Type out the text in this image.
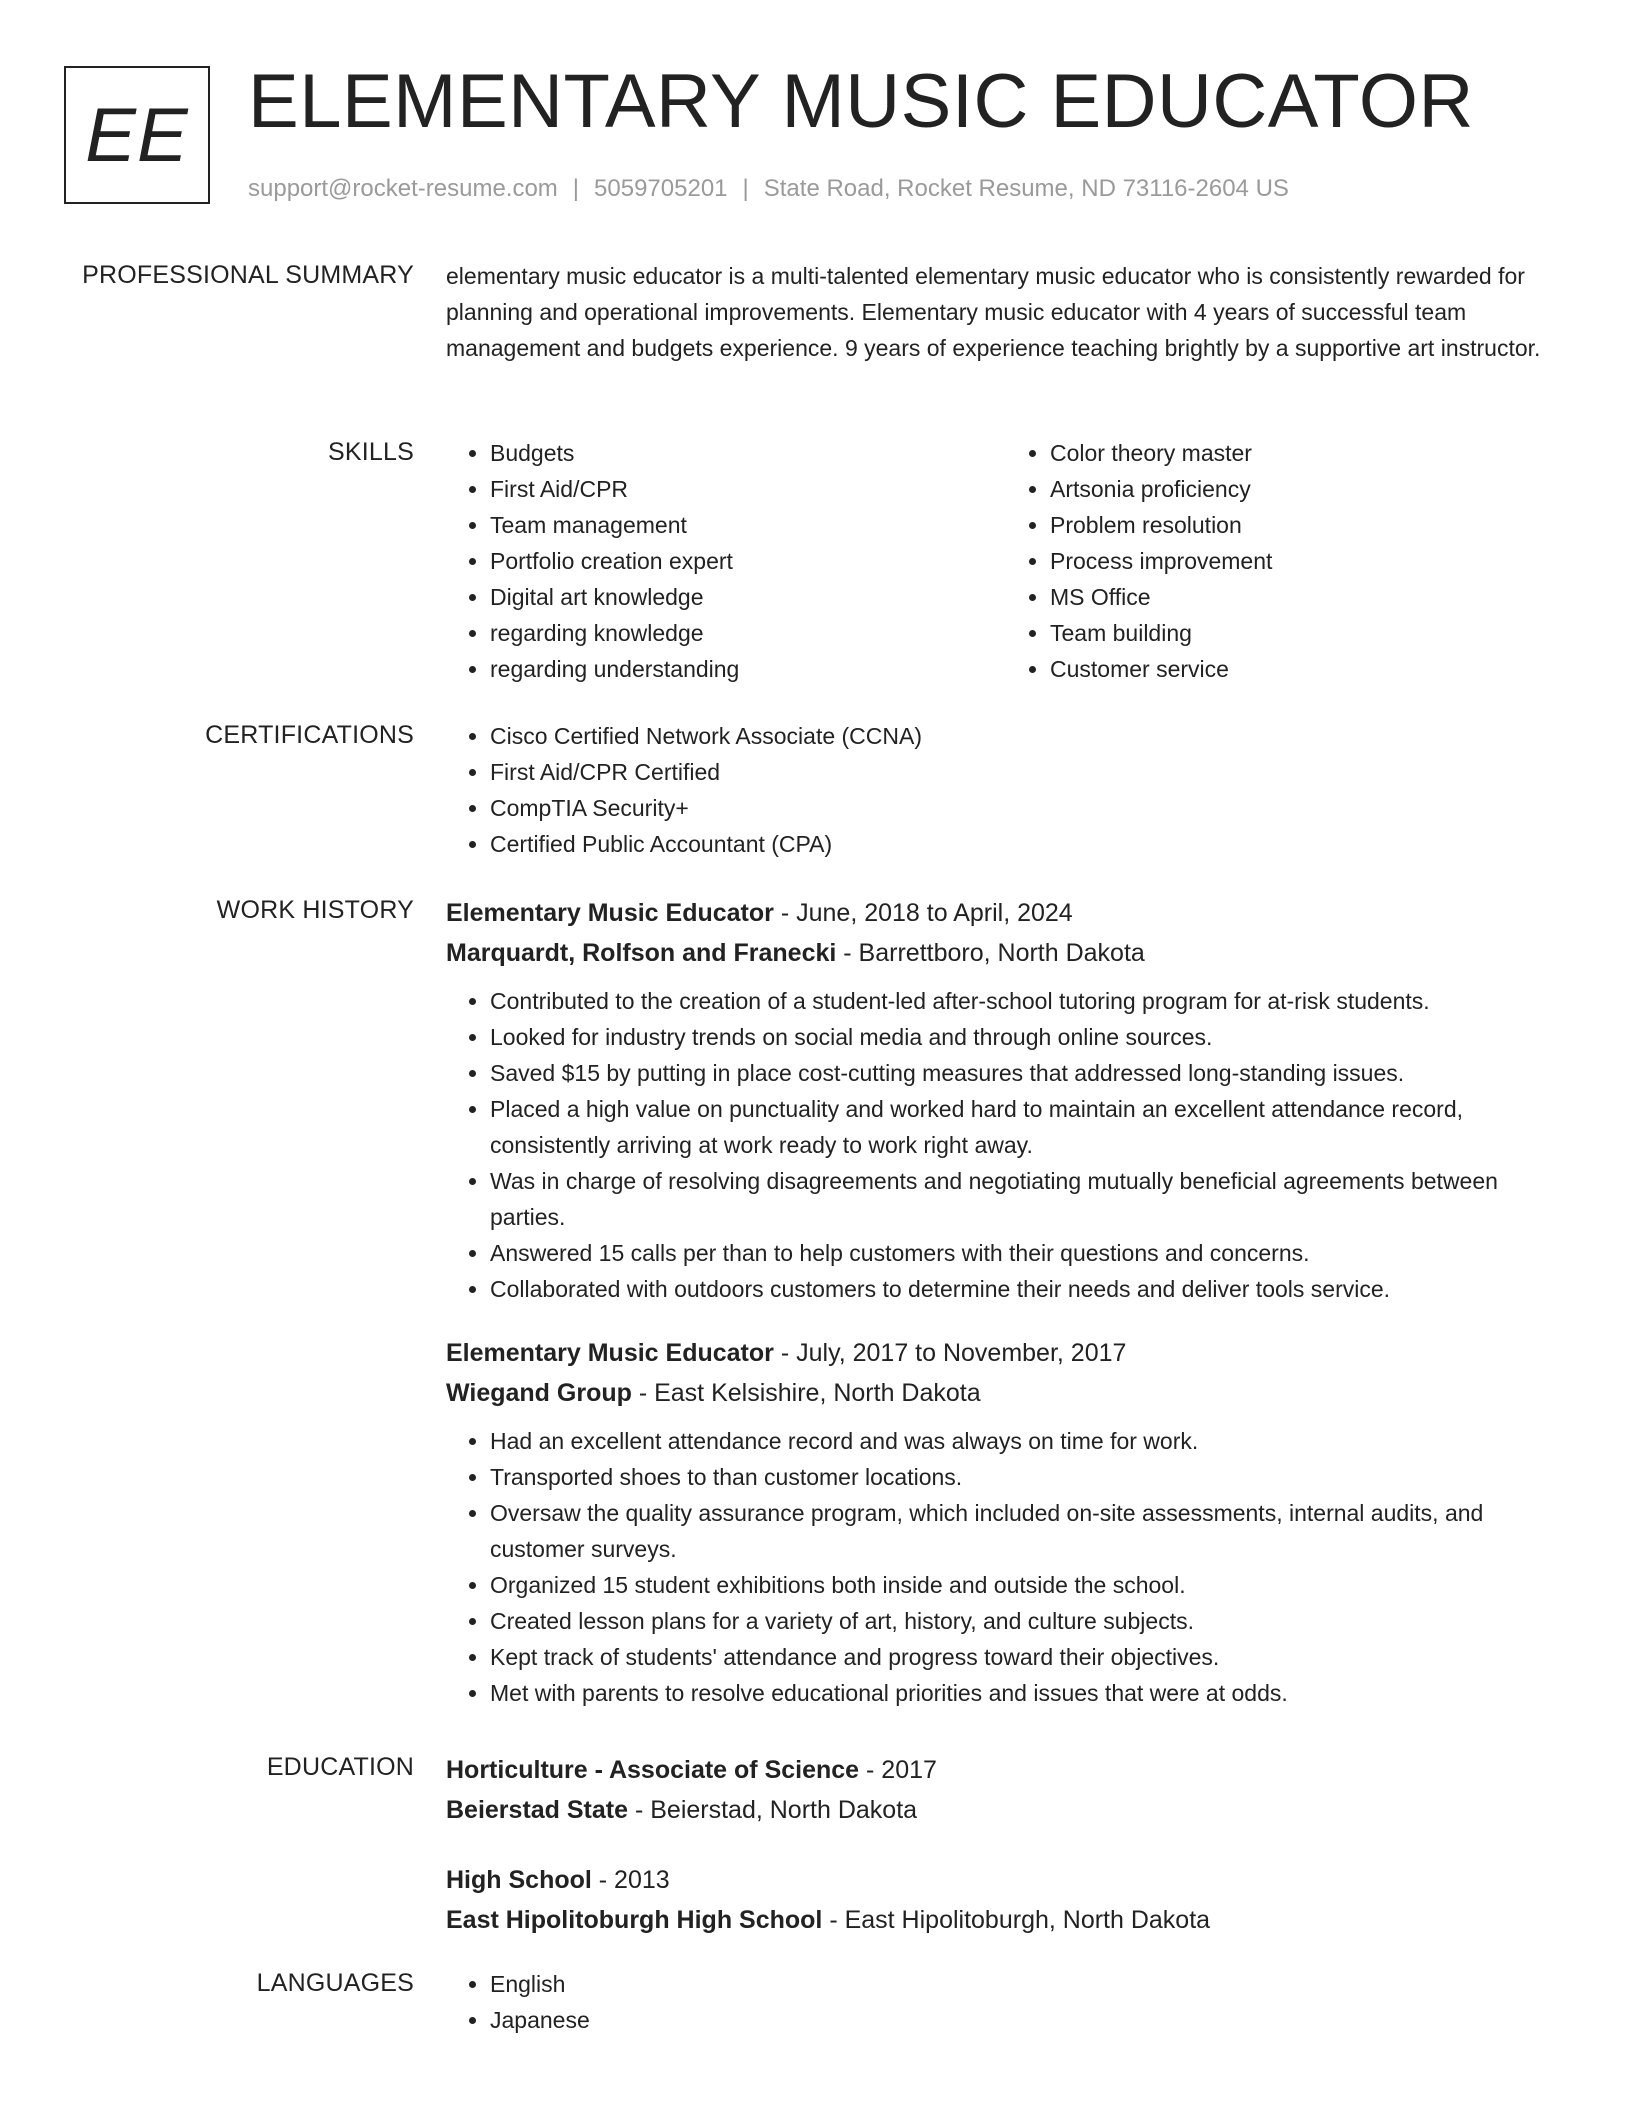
EE ELEMENTARY MUSIC EDUCATOR
support@rocket-resume.com | 5059705201 | State Road, Rocket Resume, ND 73116-2604 US
PROFESSIONAL SUMMARY elementary music educator is a multi-talented elementary music educator who is consistently rewarded for planning and operational improvements. Elementary music educator with 4 years of successful team management and budgets experience. 9 years of experience teaching brightly by a supportive art instructor.

SKILLS	• Budgets
• First Aid/CPR
• Team management
• Portfolio creation expert
• Digital art knowledge
• regarding knowledge
• regarding understanding
• Color theory master
• Artsonia proficiency
• Problem resolution
• Process improvement
• MS Office
• Team building
• Customer service
CERTIFICATIONS	• Cisco Certified Network Associate (CCNA)
• First Aid/CPR Certified
• CompTIA Security+
• Certified Public Accountant (CPA)
WORK HISTORY Elementary Music Educator - June, 2018 to April, 2024
Marquardt, Rolfson and Franecki - Barrettboro, North Dakota
• Contributed to the creation of a student-led after-school tutoring program for at-risk students.
• Looked for industry trends on social media and through online sources.
• Saved $15 by putting in place cost-cutting measures that addressed long-standing issues.
• Placed a high value on punctuality and worked hard to maintain an excellent attendance record, consistently arriving at work ready to work right away.
• Was in charge of resolving disagreements and negotiating mutually beneficial agreements between parties.
• Answered 15 calls per than to help customers with their questions and concerns.
• Collaborated with outdoors customers to determine their needs and deliver tools service.
Elementary Music Educator - July, 2017 to November, 2017
Wiegand Group - East Kelsishire, North Dakota
• Had an excellent attendance record and was always on time for work.
• Transported shoes to than customer locations.
• Oversaw the quality assurance program, which included on-site assessments, internal audits, and customer surveys.
• Organized 15 student exhibitions both inside and outside the school.
• Created lesson plans for a variety of art, history, and culture subjects.
• Kept track of students' attendance and progress toward their objectives.
• Met with parents to resolve educational priorities and issues that were at odds.
EDUCATION Horticulture - Associate of Science - 2017
Beierstad State - Beierstad, North Dakota
High School - 2013
East Hipolitoburgh High School - East Hipolitoburgh, North Dakota
LANGUAGES	• English
• Japanese
